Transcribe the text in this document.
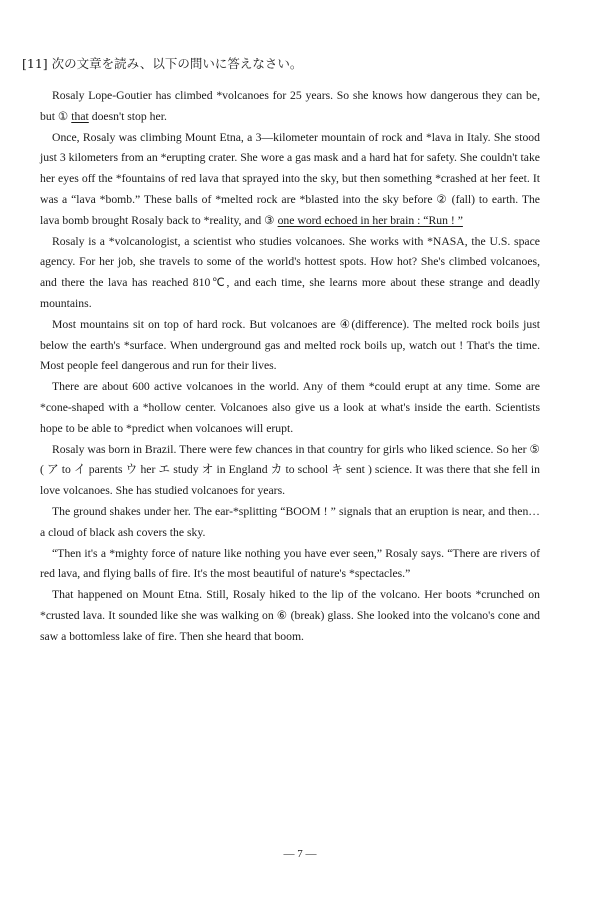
[11] 次の文章を読み、以下の問いに答えなさい。

Rosaly Lope-Goutier has climbed *volcanoes for 25 years. So she knows how dangerous they can be, but ① that doesn't stop her.

Once, Rosaly was climbing Mount Etna, a 3—kilometer mountain of rock and *lava in Italy. She stood just 3 kilometers from an *erupting crater. She wore a gas mask and a hard hat for safety. She couldn't take her eyes off the *fountains of red lava that sprayed into the sky, but then something *crashed at her feet. It was a “lava *bomb.” These balls of *melted rock are *blasted into the sky before ② (fall) to earth. The lava bomb brought Rosaly back to *reality, and ③ one word echoed in her brain : “Run ! ”

Rosaly is a *volcanologist, a scientist who studies volcanoes. She works with *NASA, the U.S. space agency. For her job, she travels to some of the world's hottest spots. How hot? She's climbed volcanoes, and there the lava has reached 810℃, and each time, she learns more about these strange and deadly mountains.

Most mountains sit on top of hard rock. But volcanoes are ④(difference). The melted rock boils just below the earth's *surface. When underground gas and melted rock boils up, watch out ! That's the time. Most people feel dangerous and run for their lives.

There are about 600 active volcanoes in the world. Any of them *could erupt at any time. Some are *cone-shaped with a *hollow center. Volcanoes also give us a look at what's inside the earth. Scientists hope to be able to *predict when volcanoes will erupt.

Rosaly was born in Brazil. There were few chances in that country for girls who liked science. So her ⑤ ( ア to イ parents ウ her エ study オ in England カ to school キ sent ) science. It was there that she fell in love volcanoes. She has studied volcanoes for years.

The ground shakes under her. The ear-*splitting “BOOM ! ” signals that an eruption is near, and then… a cloud of black ash covers the sky.

“Then it's a *mighty force of nature like nothing you have ever seen,” Rosaly says. “There are rivers of red lava, and flying balls of fire. It's the most beautiful of nature's *spectacles.”

That happened on Mount Etna. Still, Rosaly hiked to the lip of the volcano. Her boots *crunched on *crusted lava. It sounded like she was walking on ⑥ (break) glass. She looked into the volcano's cone and saw a bottomless lake of fire. Then she heard that boom.

— 7 —
